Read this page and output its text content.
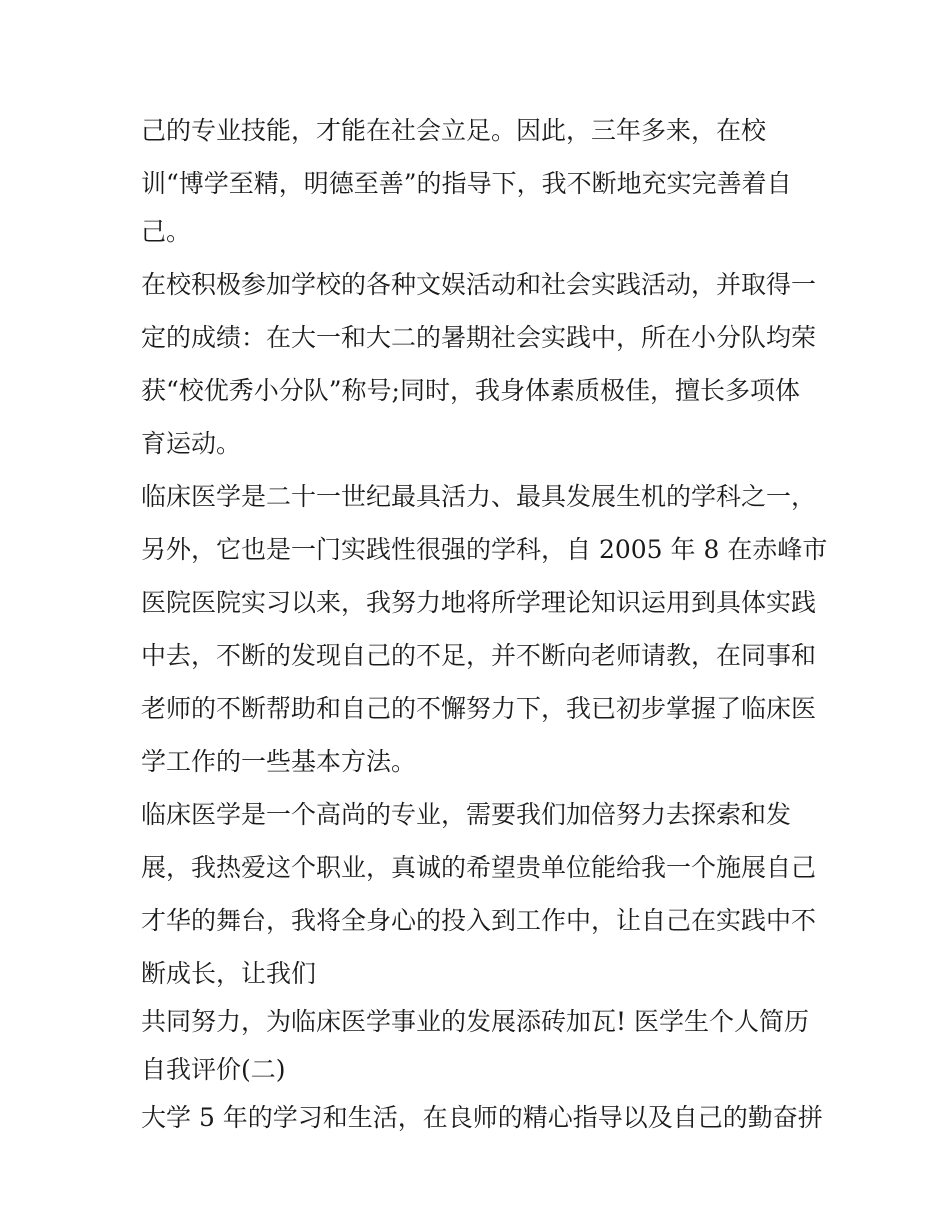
己的专业技能，才能在社会立足。因此，三年多来，在校
训“博学至精，明德至善”的指导下，我不断地充实完善着自
己。
在校积极参加学校的各种文娱活动和社会实践活动，并取得一
定的成绩：在大一和大二的暑期社会实践中，所在小分队均荣
获“校优秀小分队”称号;同时，我身体素质极佳，擅长多项体
育运动。
临床医学是二十一世纪最具活力、最具发展生机的学科之一，
另外，它也是一门实践性很强的学科，自 2005 年 8 在赤峰市
医院医院实习以来，我努力地将所学理论知识运用到具体实践
中去，不断的发现自己的不足，并不断向老师请教，在同事和
老师的不断帮助和自己的不懈努力下，我已初步掌握了临床医
学工作的一些基本方法。
临床医学是一个高尚的专业，需要我们加倍努力去探索和发
展，我热爱这个职业，真诚的希望贵单位能给我一个施展自己
才华的舞台，我将全身心的投入到工作中，让自己在实践中不
断成长，让我们
共同努力，为临床医学事业的发展添砖加瓦! 医学生个人简历
自我评价(二)
大学 5 年的学习和生活，在良师的精心指导以及自己的勤奋拼
